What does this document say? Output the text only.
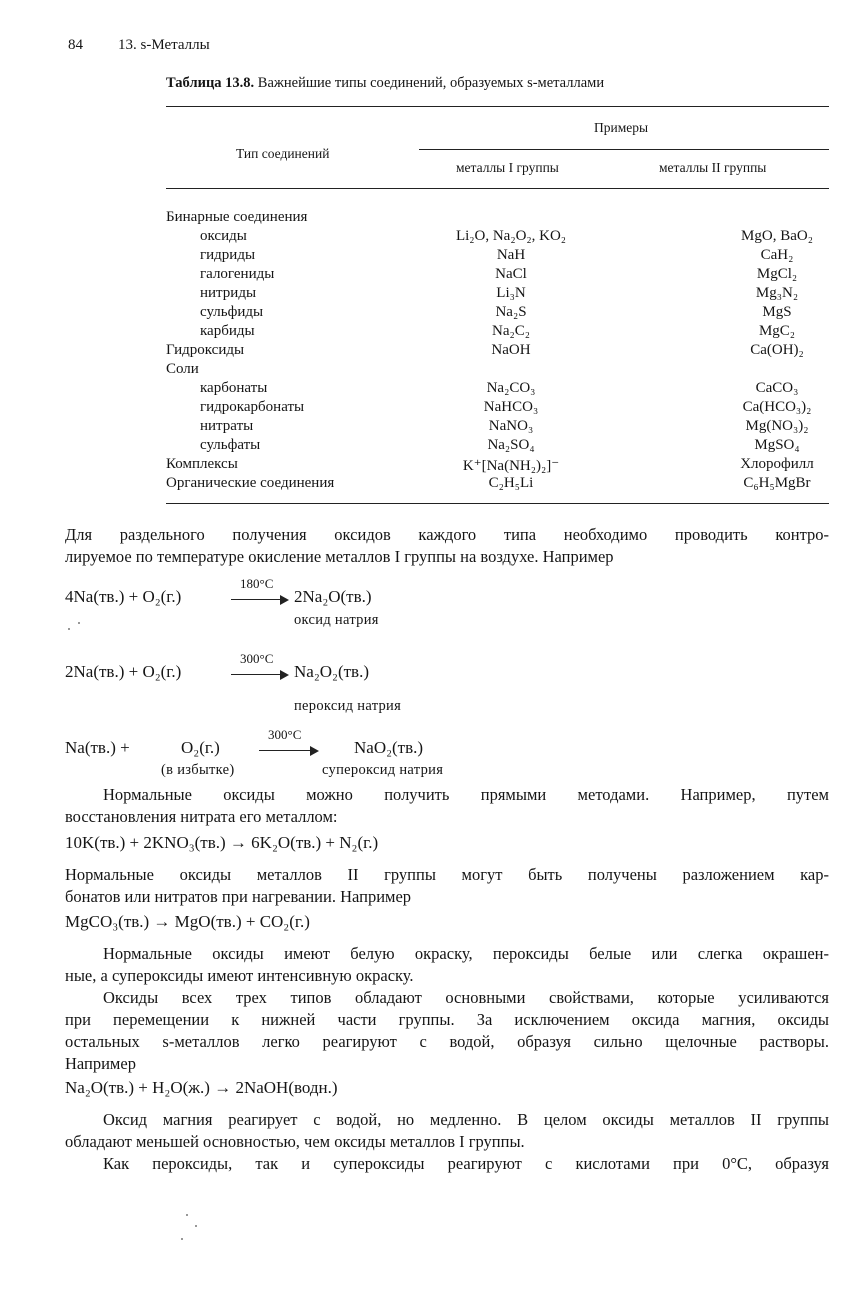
84 13. s-Металлы
Таблица 13.8. Важнейшие типы соединений, образуемых s-металлами
Примеры
Тип соединений
металлы I группы	металлы II группы
Бинарные соединения
оксиды	Li₂O, Na₂O₂, KO₂	MgO, BaO₂
гидриды	NaH	CaH₂
галогениды	NaCl	MgCl₂
нитриды	Li₃N	Mg₃N₂
сульфиды	Na₂S	MgS
карбиды	Na₂C₂	MgC₂
Гидроксиды	NaOH	Ca(OH)₂
Соли
карбонаты	Na₂CO₃	CaCO₃
гидрокарбонаты	NaHCO₃	Ca(HCO₃)₂
нитраты	NaNO₃	Mg(NO₃)₂
сульфаты	Na₂SO₄	MgSO₄
Комплексы	K⁺[Na(NH₂)₂]⁻	Хлорофилл
Органические соединения	C₂H₅Li	C₆H₅MgBr
Для раздельного получения оксидов каждого типа необходимо проводить контро-
лируемое по температуре окисление металлов I группы на воздухе. Например
4Na(тв.) + O₂(г.)
180°C
2Na₂O(тв.)
оксид натрия
2Na(тв.) + O₂(г.)
300°C
Na₂O₂(тв.)
пероксид натрия
Na(тв.) +	O₂(г.)
300°C
NaO₂(тв.)
(в избытке)	супероксид натрия
Нормальные оксиды можно получить прямыми методами. Например, путем
восстановления нитрата его металлом:
10K(тв.) + 2KNO₃(тв.) → 6K₂O(тв.) + N₂(г.)
Нормальные оксиды металлов II группы могут быть получены разложением кар-
бонатов или нитратов при нагревании. Например
MgCO₃(тв.) → MgO(тв.) + CO₂(г.)
Нормальные оксиды имеют белую окраску, пероксиды белые или слегка окрашен-
ные, а супероксиды имеют интенсивную окраску.
Оксиды всех трех типов обладают основными свойствами, которые усиливаются
при перемещении к нижней части группы. За исключением оксида магния, оксиды
остальных s-металлов легко реагируют с водой, образуя сильно щелочные растворы.
Например
Na₂O(тв.) + H₂O(ж.) → 2NaOH(водн.)
Оксид магния реагирует с водой, но медленно. В целом оксиды металлов II группы
обладают меньшей основностью, чем оксиды металлов I группы.
Как пероксиды, так и супероксиды реагируют с кислотами при 0°C, образуя
